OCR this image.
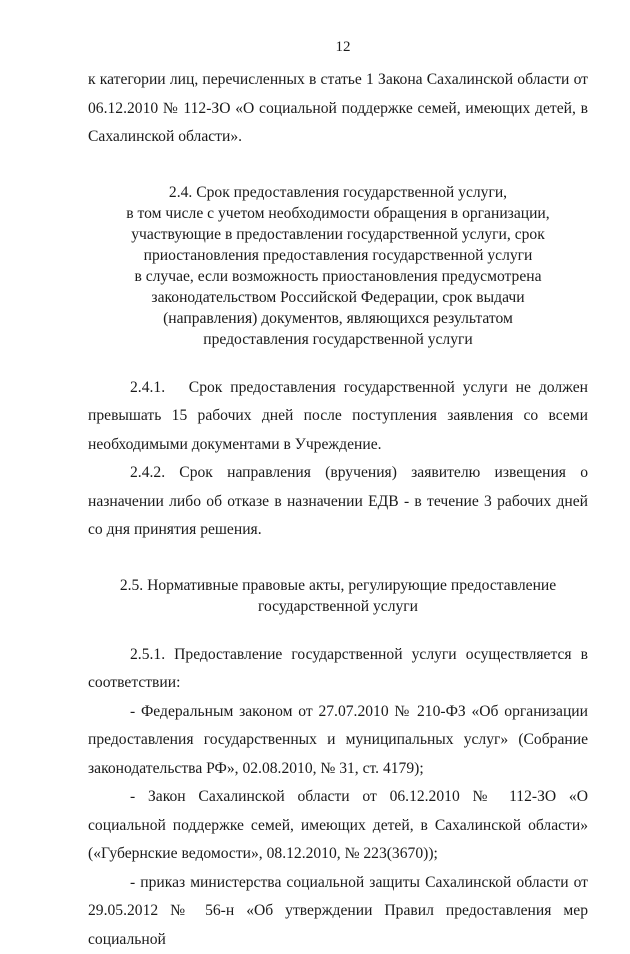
12

к категории лиц, перечисленных в статье 1 Закона Сахалинской области от 06.12.2010 № 112-ЗО «О социальной поддержке семей, имеющих детей, в Сахалинской области».

2.4. Срок предоставления государственной услуги,
в том числе с учетом необходимости обращения в организации,
участвующие в предоставлении государственной услуги, срок
приостановления предоставления государственной услуги
в случае, если возможность приостановления предусмотрена
законодательством Российской Федерации, срок выдачи
(направления) документов, являющихся результатом
предоставления государственной услуги

2.4.1.   Срок предоставления государственной услуги не должен превышать 15 рабочих дней после поступления заявления со всеми необходимыми документами в Учреждение.

2.4.2. Срок направления (вручения) заявителю извещения о назначении либо об отказе в назначении ЕДВ - в течение 3 рабочих дней со дня принятия решения.

2.5. Нормативные правовые акты, регулирующие предоставление
государственной услуги

2.5.1. Предоставление государственной услуги осуществляется в соответствии:

- Федеральным законом от 27.07.2010 № 210-ФЗ «Об организации предоставления государственных и муниципальных услуг» (Собрание законодательства РФ», 02.08.2010, № 31, ст. 4179);

- Закон Сахалинской области от 06.12.2010 № 112-ЗО «О социальной поддержке семей, имеющих детей, в Сахалинской области» («Губернские ведомости», 08.12.2010, № 223(3670));

- приказ министерства социальной защиты Сахалинской области от 29.05.2012 № 56-н «Об утверждении Правил предоставления мер социальной
